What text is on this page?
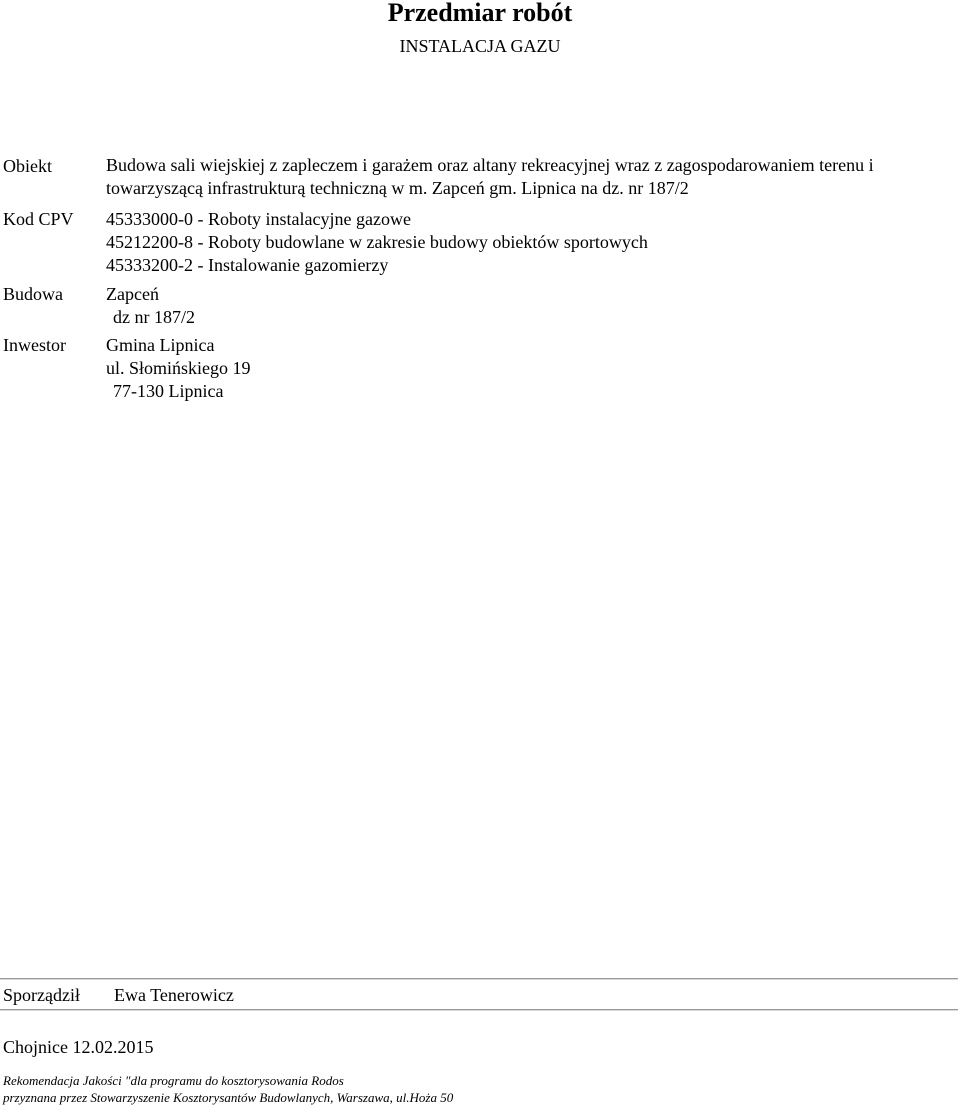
Przedmiar robót
INSTALACJA GAZU
Obiekt	Budowa sali wiejskiej z zapleczem i garażem oraz altany rekreacyjnej wraz z zagospodarowaniem terenu i
towarzyszącą infrastrukturą techniczną w m. Zapceń gm. Lipnica na dz. nr 187/2
Kod CPV 45333000-0 - Roboty instalacyjne gazowe
45212200-8 - Roboty budowlane w zakresie budowy obiektów sportowych
45333200-2 - Instalowanie gazomierzy
Budowa Zapceń
dz nr 187/2
Inwestor Gmina Lipnica
ul. Słomińskiego 19
77-130 Lipnica
Sporządził Ewa Tenerowicz
Chojnice 12.02.2015
Rekomendacja Jakości "dla programu do kosztorysowania Rodos
przyznana przez Stowarzyszenie Kosztorysantów Budowlanych, Warszawa, ul.Hoża 50
